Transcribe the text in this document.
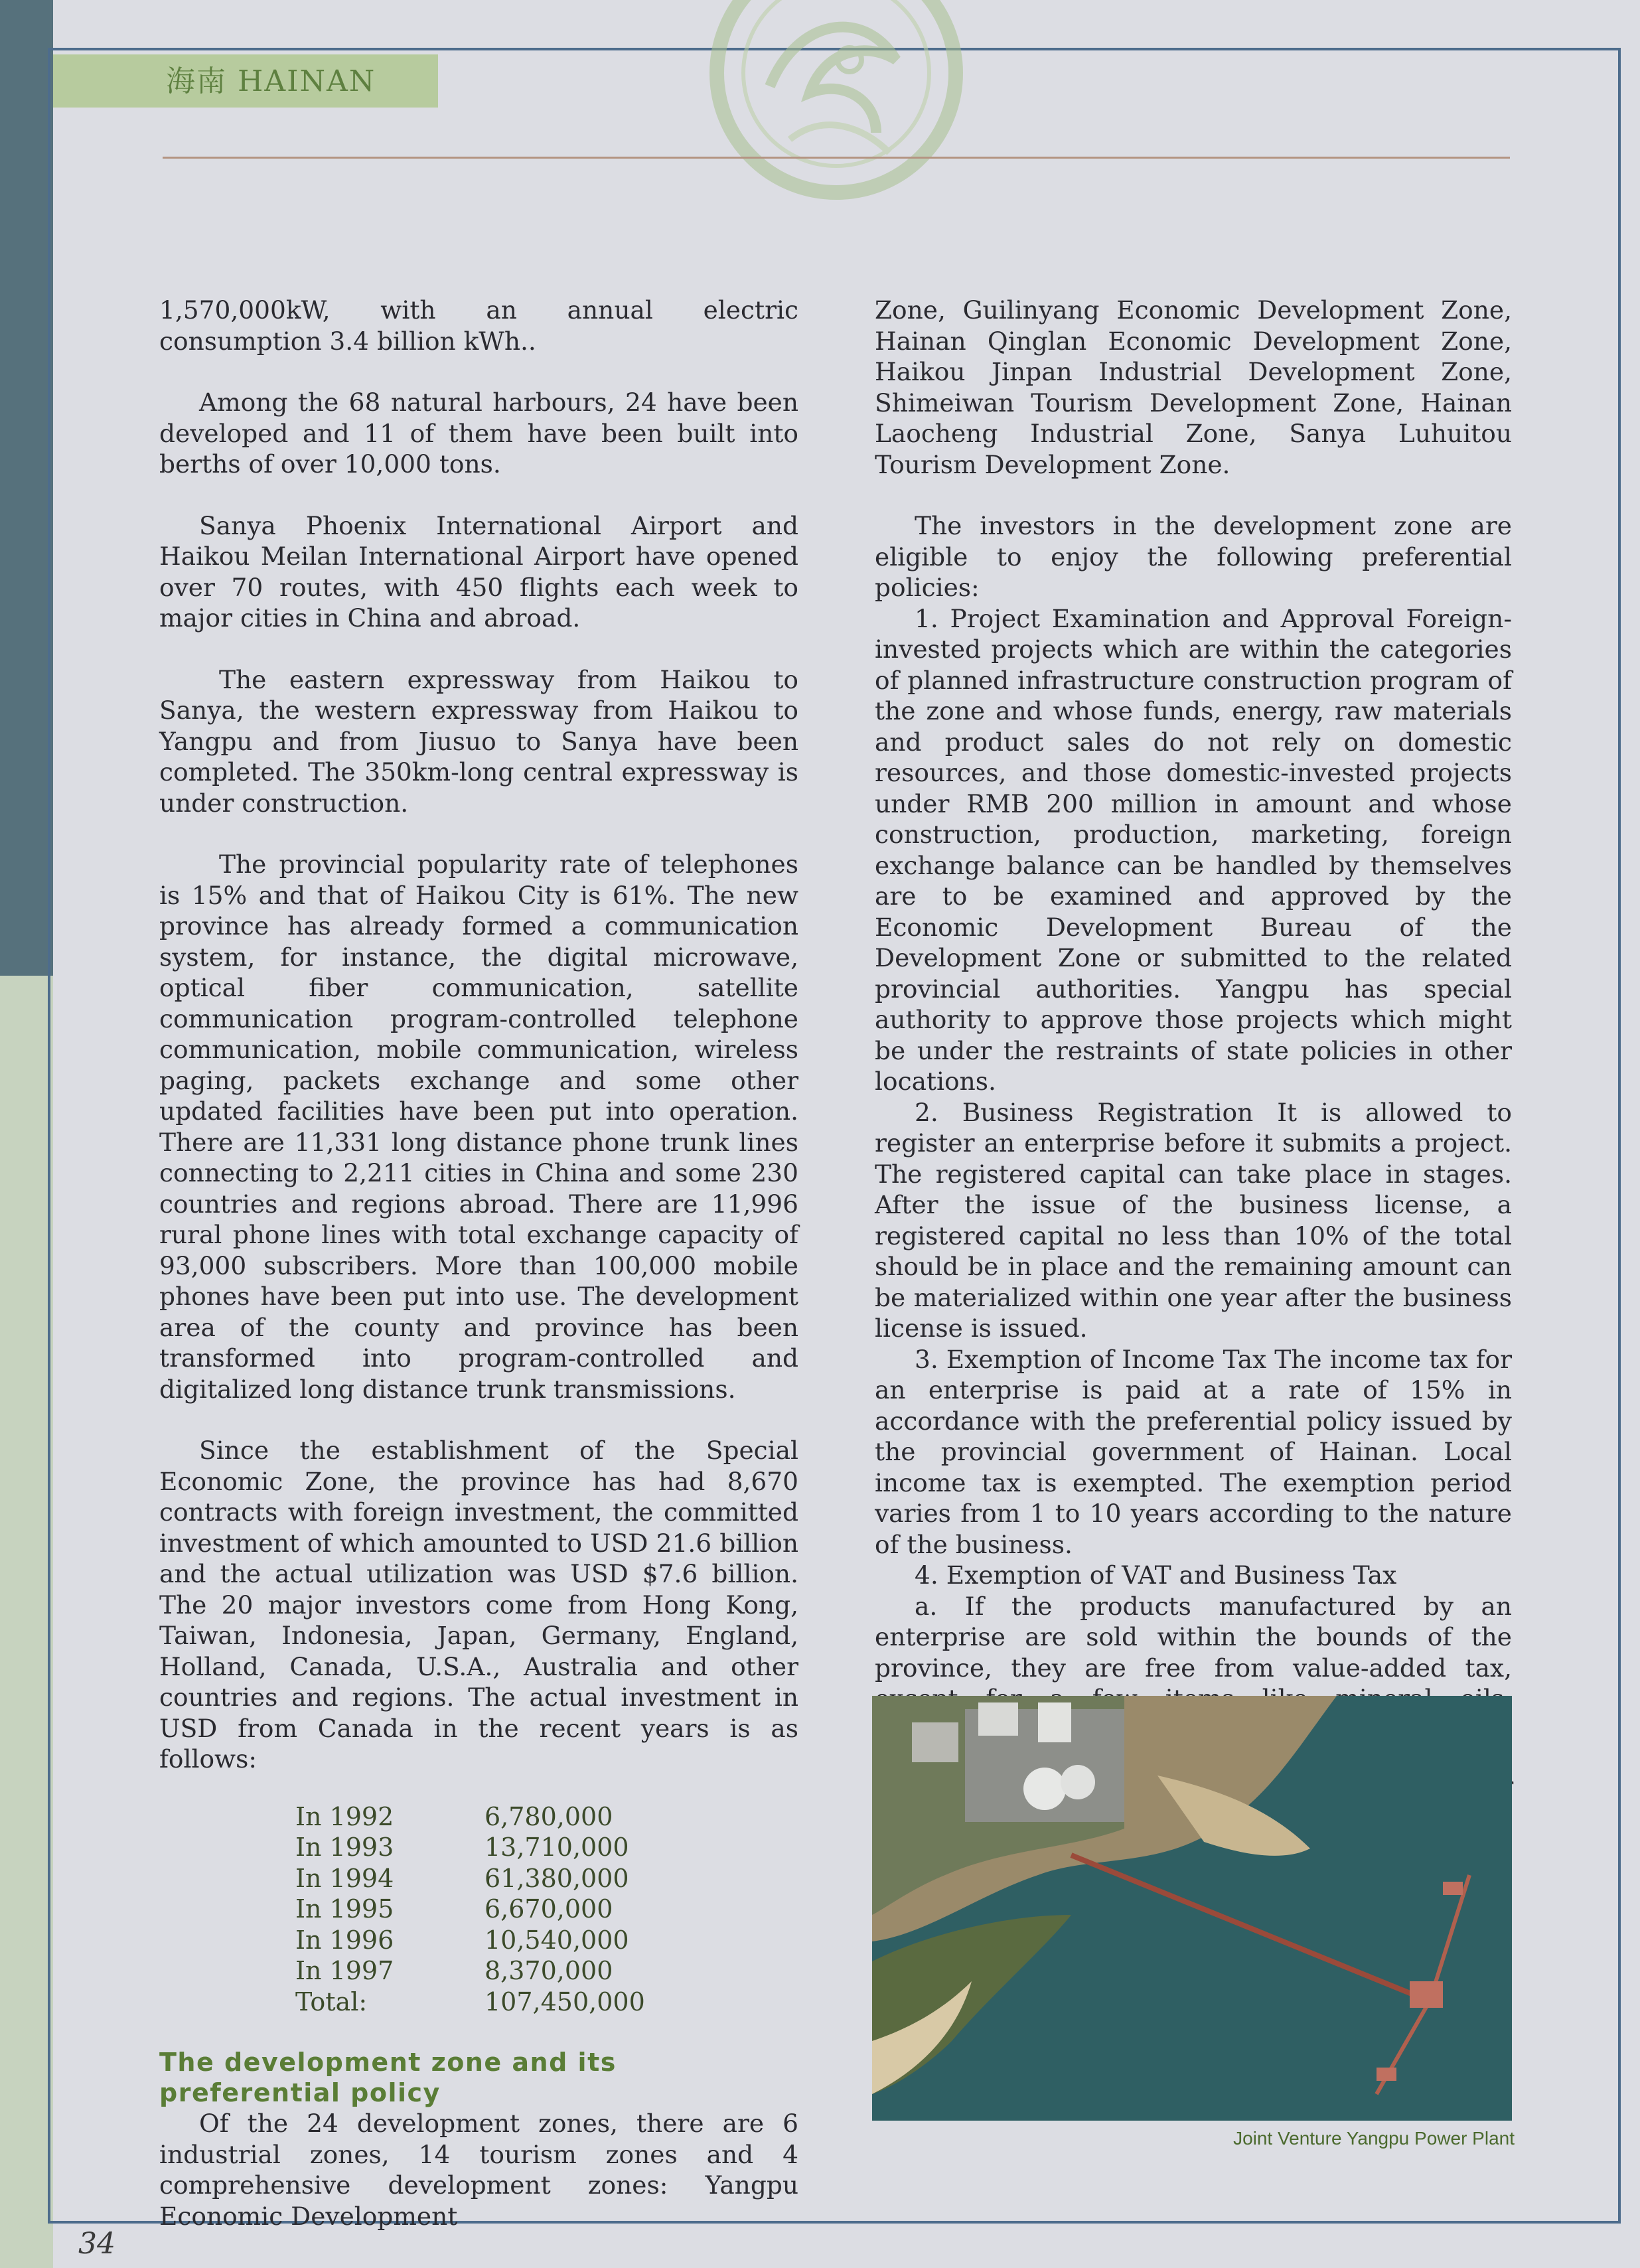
海南 HAINAN

1,570,000kW, with an annual electric consumption 3.4 billion kWh..

Among the 68 natural harbours, 24 have been developed and 11 of them have been built into berths of over 10,000 tons.

Sanya Phoenix International Airport and Haikou Meilan International Airport have opened over 70 routes, with 450 flights each week to major cities in China and abroad.

The eastern expressway from Haikou to Sanya, the western expressway from Haikou to Yangpu and from Jiusuo to Sanya have been completed. The 350km-long central expressway is under construction.

The provincial popularity rate of telephones is 15% and that of Haikou City is 61%. The new province has already formed a communication system, for instance, the digital microwave, optical fiber communication, satellite communication program-controlled telephone communication, mobile communication, wireless paging, packets exchange and some other updated facilities have been put into operation. There are 11,331 long distance phone trunk lines connecting to 2,211 cities in China and some 230 countries and regions abroad. There are 11,996 rural phone lines with total exchange capacity of 93,000 subscribers. More than 100,000 mobile phones have been put into use. The development area of the county and province has been transformed into program-controlled and digitalized long distance trunk transmissions.

Since the establishment of the Special Economic Zone, the province has had 8,670 contracts with foreign investment, the committed investment of which amounted to USD 21.6 billion and the actual utilization was USD $7.6 billion. The 20 major investors come from Hong Kong, Taiwan, Indonesia, Japan, Germany, England, Holland, Canada, U.S.A., Australia and other countries and regions. The actual investment in USD from Canada in the recent years is as follows:

In 1992	6,780,000
In 1993	13,710,000
In 1994	61,380,000
In 1995	6,670,000
In 1996	10,540,000
In 1997	8,370,000
Total:	107,450,000
The development zone and its preferential policy

Of the 24 development zones, there are 6 industrial zones, 14 tourism zones and 4 comprehensive development zones: Yangpu Economic Development

Zone, Guilinyang Economic Development Zone, Hainan Qinglan Economic Development Zone, Haikou Jinpan Industrial Development Zone, Shimeiwan Tourism Development Zone, Hainan Laocheng Industrial Zone, Sanya Luhuitou Tourism Development Zone.

The investors in the development zone are eligible to enjoy the following preferential policies:

1. Project Examination and Approval Foreign-invested projects which are within the categories of planned infrastructure construction program of the zone and whose funds, energy, raw materials and product sales do not rely on domestic resources, and those domestic-invested projects under RMB 200 million in amount and whose construction, production, marketing, foreign exchange balance can be handled by themselves are to be examined and approved by the Economic Development Bureau of the Development Zone or submitted to the related provincial authorities. Yangpu has special authority to approve those projects which might be under the restraints of state policies in other locations.

2. Business Registration It is allowed to register an enterprise before it submits a project. The registered capital can take place in stages. After the issue of the business license, a registered capital no less than 10% of the total should be in place and the remaining amount can be materialized within one year after the business license is issued.

3. Exemption of Income Tax The income tax for an enterprise is paid at a rate of 15% in accordance with the preferential policy issued by the provincial government of Hainan. Local income tax is exempted. The exemption period varies from 1 to 10 years according to the nature of the business.

4. Exemption of VAT and Business Tax

a. If the products manufactured by an enterprise are sold within the bounds of the province, they are free from value-added tax,

Joint Venture Yangpu Power Plant
34
